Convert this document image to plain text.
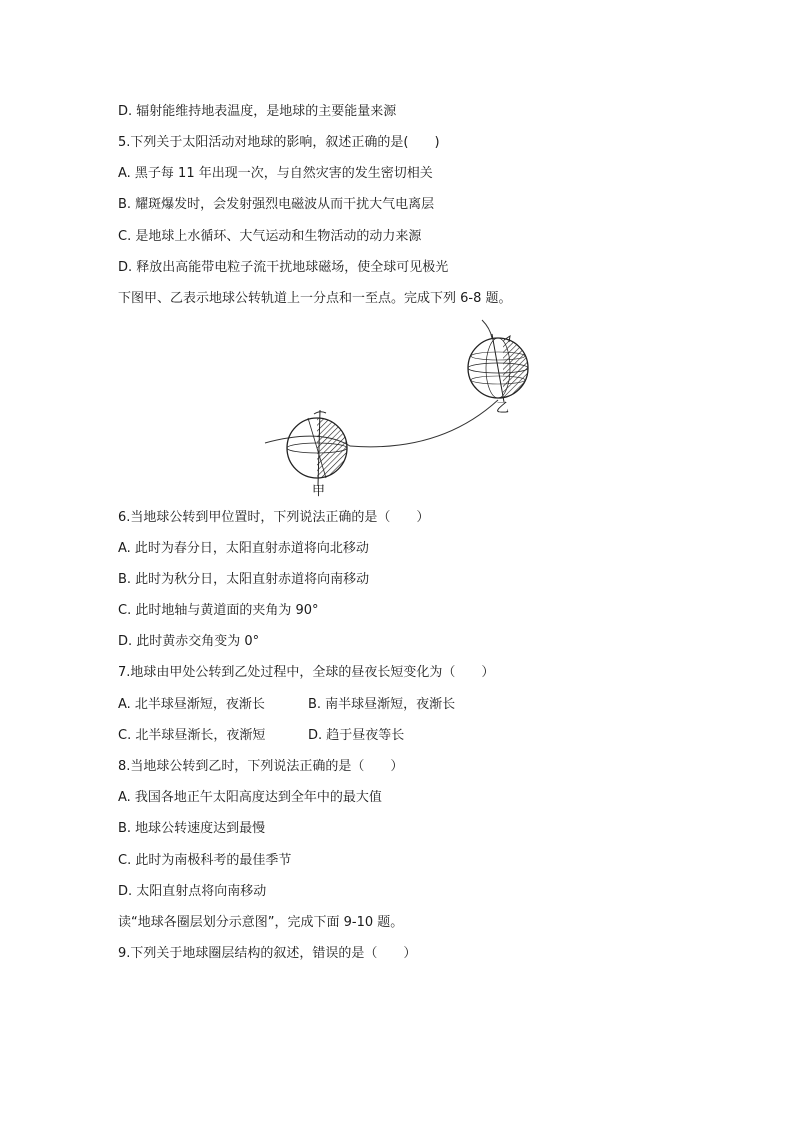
D. 辐射能维持地表温度，是地球的主要能量来源
5.下列关于太阳活动对地球的影响，叙述正确的是(　　)
A. 黑子每 11 年出现一次，与自然灾害的发生密切相关
B. 耀斑爆发时，会发射强烈电磁波从而干扰大气电离层
C. 是地球上水循环、大气运动和生物活动的动力来源
D. 释放出高能带电粒子流干扰地球磁场，使全球可见极光
下图甲、乙表示地球公转轨道上一分点和一至点。完成下列 6-8 题。
甲
乙
6.当地球公转到甲位置时，下列说法正确的是（　　）
A. 此时为春分日，太阳直射赤道将向北移动
B. 此时为秋分日，太阳直射赤道将向南移动
C. 此时地轴与黄道面的夹角为 90°
D. 此时黄赤交角变为 0°
7.地球由甲处公转到乙处过程中，全球的昼夜长短变化为（　　）
A. 北半球昼渐短，夜渐长	B. 南半球昼渐短，夜渐长
C. 北半球昼渐长，夜渐短	D. 趋于昼夜等长
8.当地球公转到乙时，下列说法正确的是（　　）
A. 我国各地正午太阳高度达到全年中的最大值
B. 地球公转速度达到最慢
C. 此时为南极科考的最佳季节
D. 太阳直射点将向南移动
读“地球各圈层划分示意图”，完成下面 9-10 题。
9.下列关于地球圈层结构的叙述，错误的是（　　）
